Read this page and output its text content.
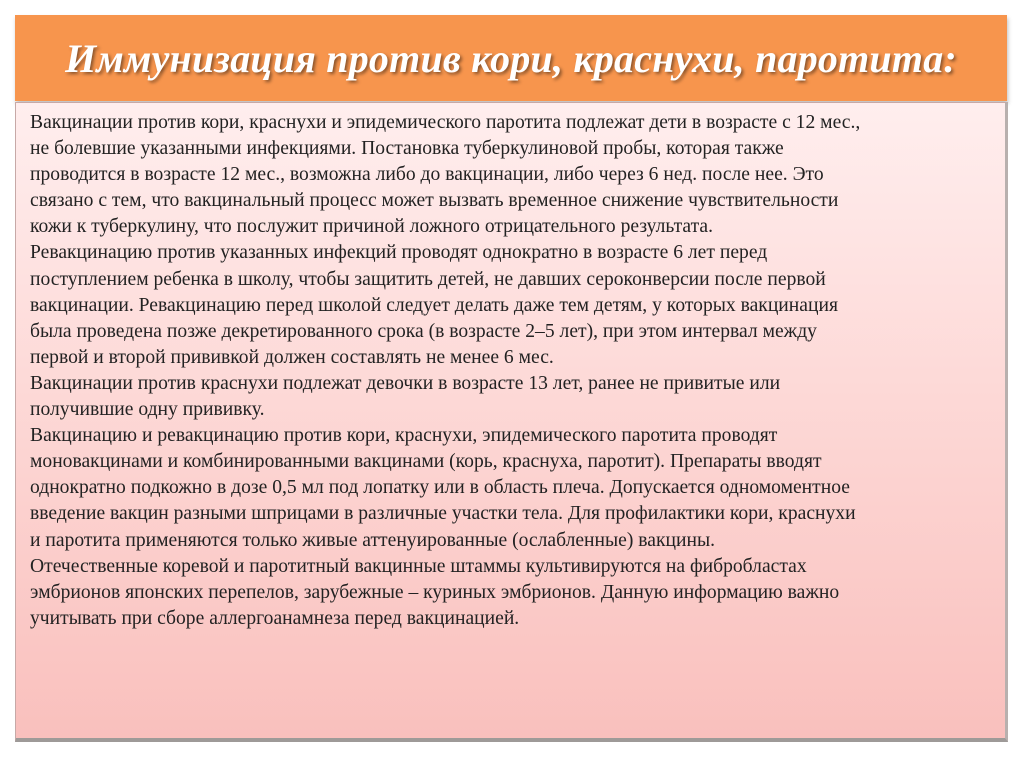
Иммунизация против кори, краснухи, паротита:

Вакцинации против кори, краснухи и эпидемического паротита подлежат дети в возрасте с 12 мес.,
не болевшие указанными инфекциями. Постановка туберкулиновой пробы, которая также
проводится в возрасте 12 мес., возможна либо до вакцинации, либо через 6 нед. после нее. Это
связано с тем, что вакцинальный процесс может вызвать временное снижение чувствительности
кожи к туберкулину, что послужит причиной ложного отрицательного результата.
Ревакцинацию против указанных инфекций проводят однократно в возрасте 6 лет перед
поступлением ребенка в школу, чтобы защитить детей, не давших сероконверсии после первой
вакцинации. Ревакцинацию перед школой следует делать даже тем детям, у которых вакцинация
была проведена позже декретированного срока (в возрасте 2–5 лет), при этом интервал между
первой и второй прививкой должен составлять не менее 6 мес.
Вакцинации против краснухи подлежат девочки в возрасте 13 лет, ранее не привитые или
получившие одну прививку.
Вакцинацию и ревакцинацию против кори, краснухи, эпидемического паротита проводят
моновакцинами и комбинированными вакцинами (корь, краснуха, паротит). Препараты вводят
однократно подкожно в дозе 0,5 мл под лопатку или в область плеча. Допускается одномоментное
введение вакцин разными шприцами в различные участки тела. Для профилактики кори, краснухи
и паротита применяются только живые аттенуированные (ослабленные) вакцины.
Отечественные коревой и паротитный вакцинные штаммы культивируются на фибробластах
эмбрионов японских перепелов, зарубежные – куриных эмбрионов. Данную информацию важно
учитывать при сборе аллергоанамнеза перед вакцинацией.
